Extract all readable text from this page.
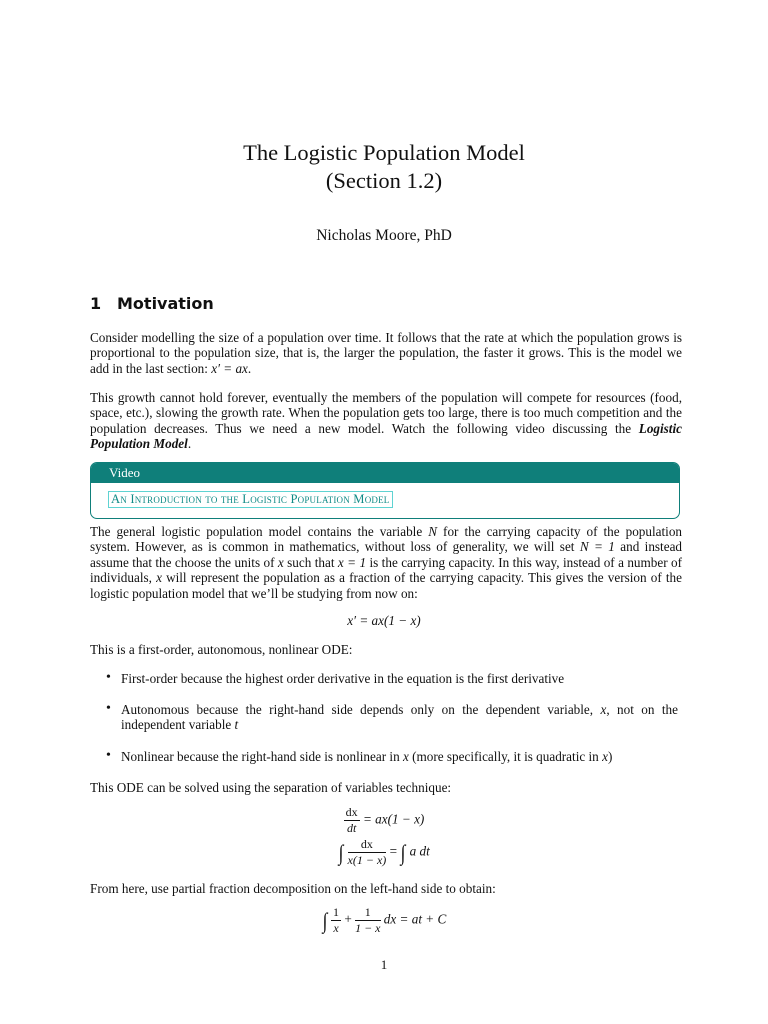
The Logistic Population Model
(Section 1.2)
Nicholas Moore, PhD
1 Motivation
Consider modelling the size of a population over time. It follows that the rate at which the population grows is proportional to the population size, that is, the larger the population, the faster it grows. This is the model we add in the last section: x′ = ax.
This growth cannot hold forever, eventually the members of the population will compete for resources (food, space, etc.), slowing the growth rate. When the population gets too large, there is too much competition and the population decreases. Thus we need a new model. Watch the following video discussing the Logistic Population Model.
Video
An Introduction to the Logistic Population Model
The general logistic population model contains the variable N for the carrying capacity of the population system. However, as is common in mathematics, without loss of generality, we will set N = 1 and instead assume that the choose the units of x such that x = 1 is the carrying capacity. In this way, instead of a number of individuals, x will represent the population as a fraction of the carrying capacity. This gives the version of the logistic population model that we’ll be studying from now on:
x′ = ax(1 − x)
This is a first-order, autonomous, nonlinear ODE:
• First-order because the highest order derivative in the equation is the first derivative
• Autonomous because the right-hand side depends only on the dependent variable, x, not on the independent variable t
• Nonlinear because the right-hand side is nonlinear in x (more specifically, it is quadratic in x)
This ODE can be solved using the separation of variables technique:
$\frac{dx}{dt} = ax(1 - x)$
∫ $\frac{dx}{x(1 - x)}$ = ∫ a dt
From here, use partial fraction decomposition on the left-hand side to obtain:
∫ $\frac{1}{x} + \frac{1}{1 - x}$ dx = at + C
1
